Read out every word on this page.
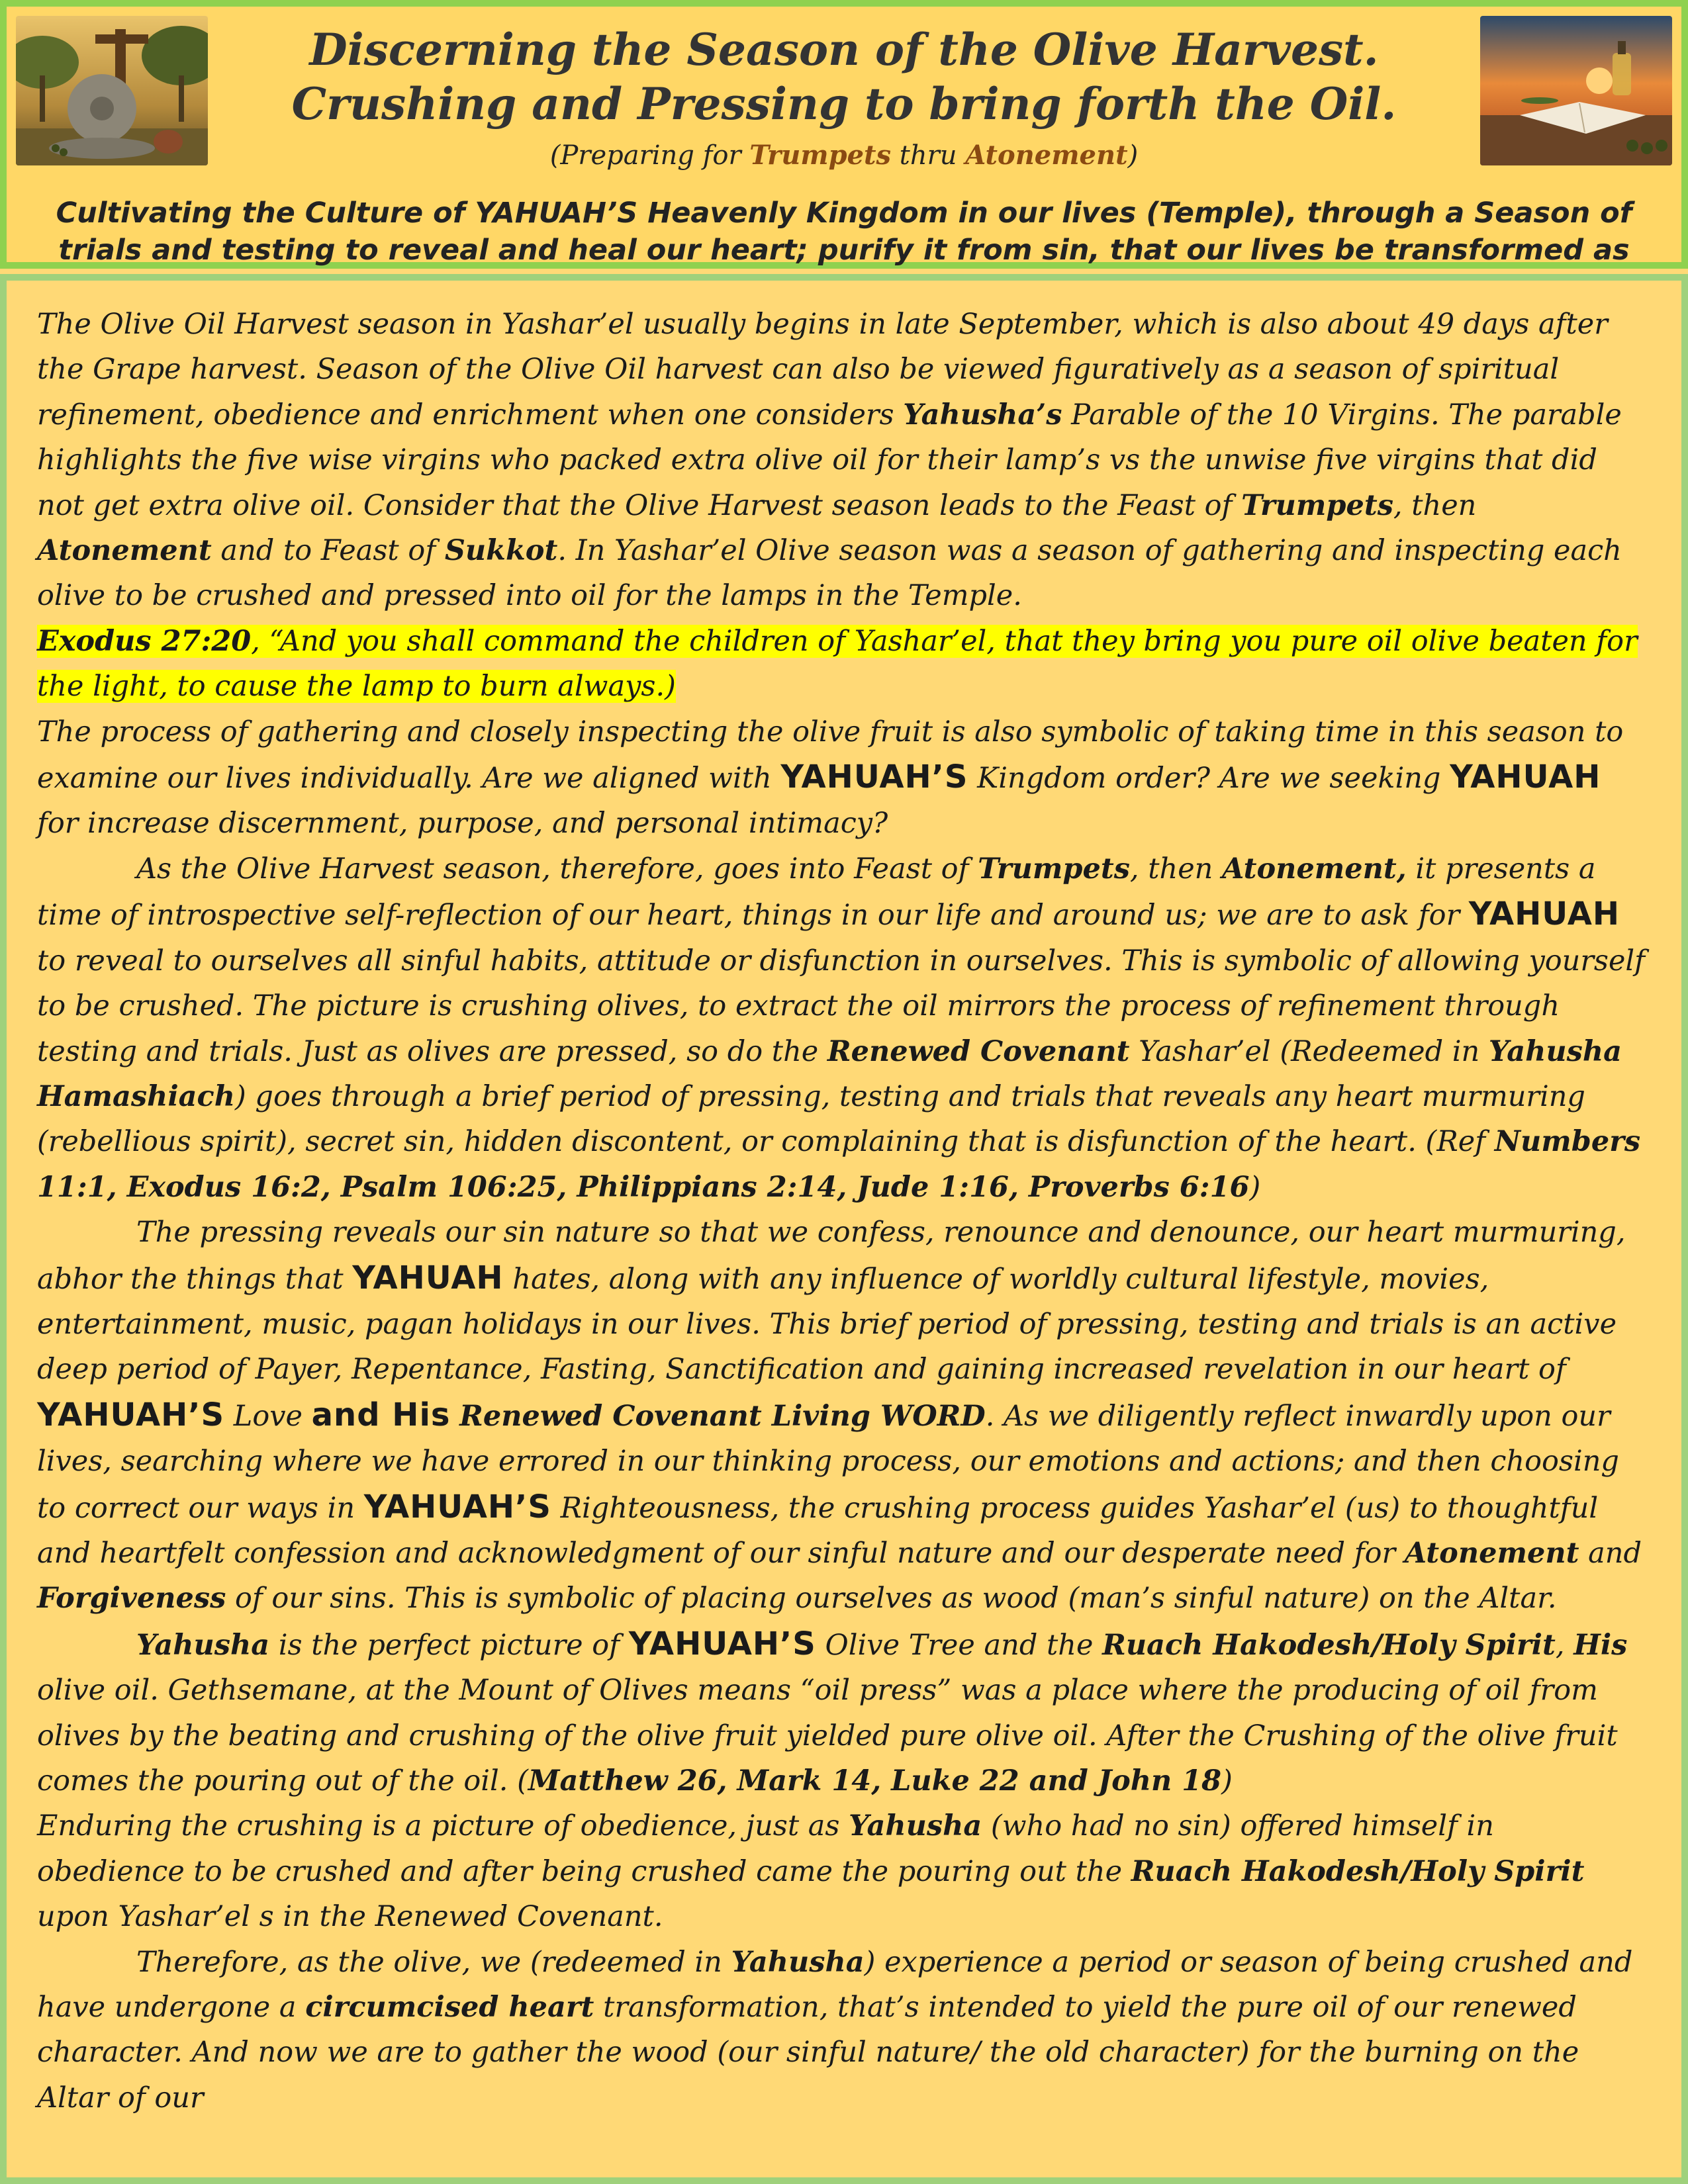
Discerning the Season of the Olive Harvest.
Crushing and Pressing to bring forth the Oil.
(Preparing for Trumpets thru Atonement)

Cultivating the Culture of YAHUAH’S Heavenly Kingdom in our lives (Temple), through a Season of trials and testing to reveal and heal our heart; purify it from sin, that our lives be transformed as

The Olive Oil Harvest season in Yashar’el usually begins in late September, which is also about 49 days after the Grape harvest. Season of the Olive Oil harvest can also be viewed figuratively as a season of spiritual refinement, obedience and enrichment when one considers Yahusha’s Parable of the 10 Virgins. The parable highlights the five wise virgins who packed extra olive oil for their lamp’s vs the unwise five virgins that did not get extra olive oil. Consider that the Olive Harvest season leads to the Feast of Trumpets, then Atonement and to Feast of Sukkot. In Yashar’el Olive season was a season of gathering and inspecting each olive to be crushed and pressed into oil for the lamps in the Temple.

Exodus 27:20, “And you shall command the children of Yashar’el, that they bring you pure oil olive beaten for the light, to cause the lamp to burn always.)

The process of gathering and closely inspecting the olive fruit is also symbolic of taking time in this season to examine our lives individually. Are we aligned with YAHUAH’S Kingdom order? Are we seeking YAHUAH for increase discernment, purpose, and personal intimacy?

As the Olive Harvest season, therefore, goes into Feast of Trumpets, then Atonement, it presents a time of introspective self-reflection of our heart, things in our life and around us; we are to ask for YAHUAH to reveal to ourselves all sinful habits, attitude or disfunction in ourselves. This is symbolic of allowing yourself to be crushed. The picture is crushing olives, to extract the oil mirrors the process of refinement through testing and trials. Just as olives are pressed, so do the Renewed Covenant Yashar’el (Redeemed in Yahusha Hamashiach) goes through a brief period of pressing, testing and trials that reveals any heart murmuring (rebellious spirit), secret sin, hidden discontent, or complaining that is disfunction of the heart. (Ref Numbers 11:1, Exodus 16:2, Psalm 106:25, Philippians 2:14, Jude 1:16, Proverbs 6:16)

The pressing reveals our sin nature so that we confess, renounce and denounce, our heart murmuring, abhor the things that YAHUAH hates, along with any influence of worldly cultural lifestyle, movies, entertainment, music, pagan holidays in our lives. This brief period of pressing, testing and trials is an active deep period of Payer, Repentance, Fasting, Sanctification and gaining increased revelation in our heart of YAHUAH’S Love and His Renewed Covenant Living WORD. As we diligently reflect inwardly upon our lives, searching where we have errored in our thinking process, our emotions and actions; and then choosing to correct our ways in YAHUAH’S Righteousness, the crushing process guides Yashar’el (us) to thoughtful and heartfelt confession and acknowledgment of our sinful nature and our desperate need for Atonement and Forgiveness of our sins. This is symbolic of placing ourselves as wood (man’s sinful nature) on the Altar.

Yahusha is the perfect picture of YAHUAH’S Olive Tree and the Ruach Hakodesh/Holy Spirit, His olive oil. Gethsemane, at the Mount of Olives means “oil press” was a place where the producing of oil from olives by the beating and crushing of the olive fruit yielded pure olive oil. After the Crushing of the olive fruit comes the pouring out of the oil. (Matthew 26, Mark 14, Luke 22 and John 18)

Enduring the crushing is a picture of obedience, just as Yahusha (who had no sin) offered himself in obedience to be crushed and after being crushed came the pouring out the Ruach Hakodesh/Holy Spirit upon Yashar’el s in the Renewed Covenant.

Therefore, as the olive, we (redeemed in Yahusha) experience a period or season of being crushed and have undergone a circumcised heart transformation, that’s intended to yield the pure oil of our renewed character. And now we are to gather the wood (our sinful nature/ the old character) for the burning on the Altar of our
